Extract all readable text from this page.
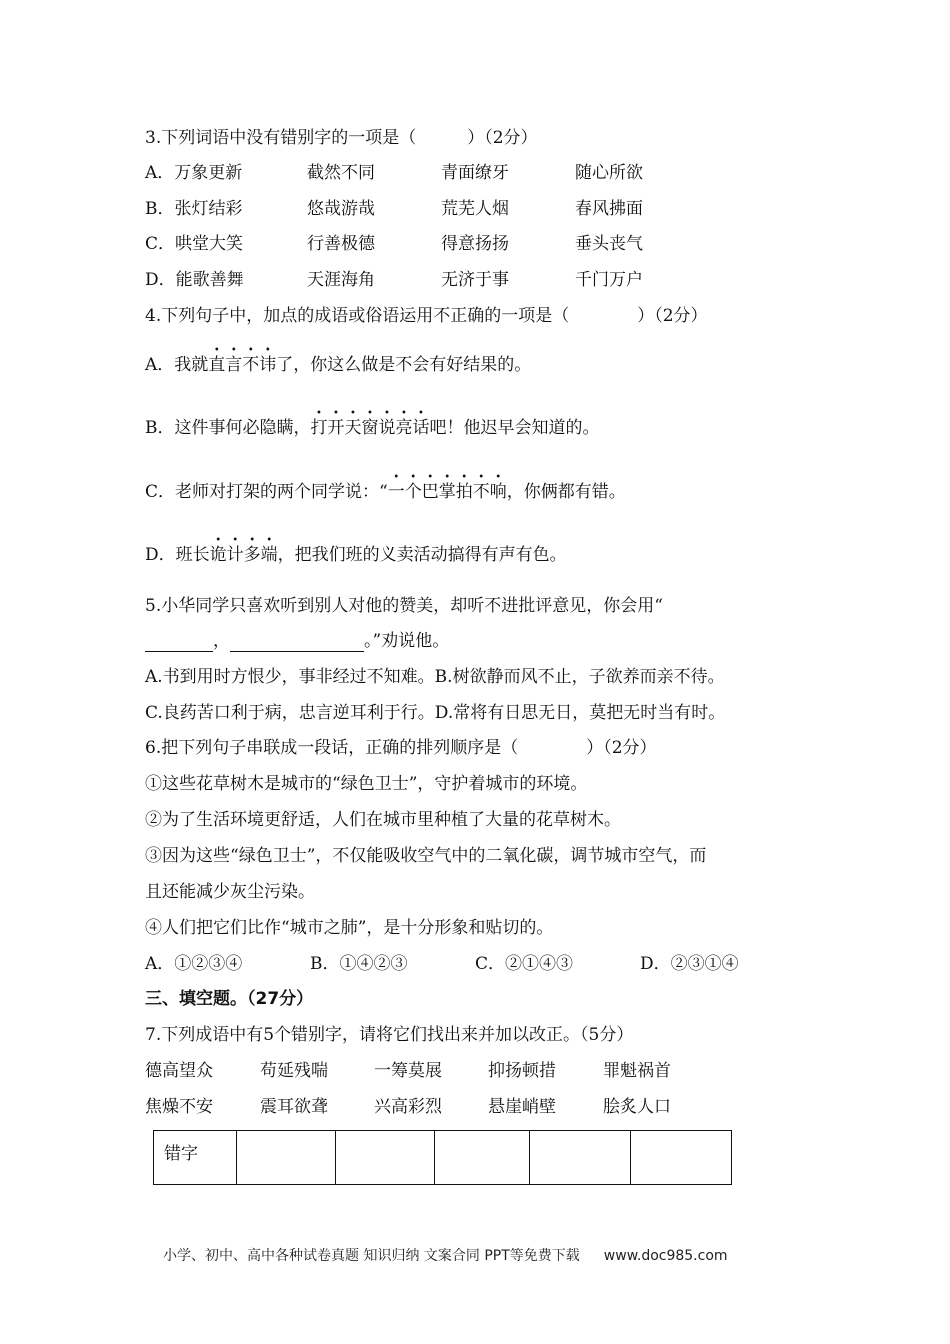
3.下列词语中没有错别字的一项是（　　　）（2分）
A．万象更新	截然不同	青面缭牙	随心所欲
B．张灯结彩	悠哉游哉	荒芜人烟	春风拂面
C．哄堂大笑	行善极德	得意扬扬	垂头丧气
D．能歌善舞	天涯海角	无济于事	千门万户
4.下列句子中，加点的成语或俗语运用不正确的一项是（　　　　）（2分）
A．我就
• • • •
直言不讳了，你这么做是不会有好结果的。
B．这件事何必隐瞒，
• • • • • • •
打开天窗说亮话吧！他迟早会知道的。
C．老师对打架的两个同学说：“
• • • • • • •
一个巴掌拍不响，你俩都有错。
D．班长
• • • •
诡计多端，把我们班的义卖活动搞得有声有色。
5.小华同学只喜欢听到别人对他的赞美，却听不进批评意见，你会用“
，	。”劝说他。
A.书到用时方恨少，事非经过不知难。B.树欲静而风不止，子欲养而亲不待。
C.良药苦口利于病，忠言逆耳利于行。D.常将有日思无日，莫把无时当有时。
6.把下列句子串联成一段话，正确的排列顺序是（　　　　）（2分）
①这些花草树木是城市的“绿色卫士”，守护着城市的环境。
②为了生活环境更舒适，人们在城市里种植了大量的花草树木。
③因为这些“绿色卫士”，不仅能吸收空气中的二氧化碳，调节城市空气，而
且还能减少灰尘污染。
④人们把它们比作“城市之肺”，是十分形象和贴切的。
A．①②③④	B．①④②③	C．②①④③	D．②③①④
三、填空题。（27分）
7.下列成语中有5个错别字，请将它们找出来并加以改正。（5分）
德高望众	苟延残喘	一筹莫展	抑扬顿措	罪魁祸首
焦燥不安	震耳欲聋	兴高彩烈	悬崖峭壁	脍炙人口
错字					
小学、初中、高中各种试卷真题 知识归纳 文案合同 PPT等免费下载 www.doc985.com
